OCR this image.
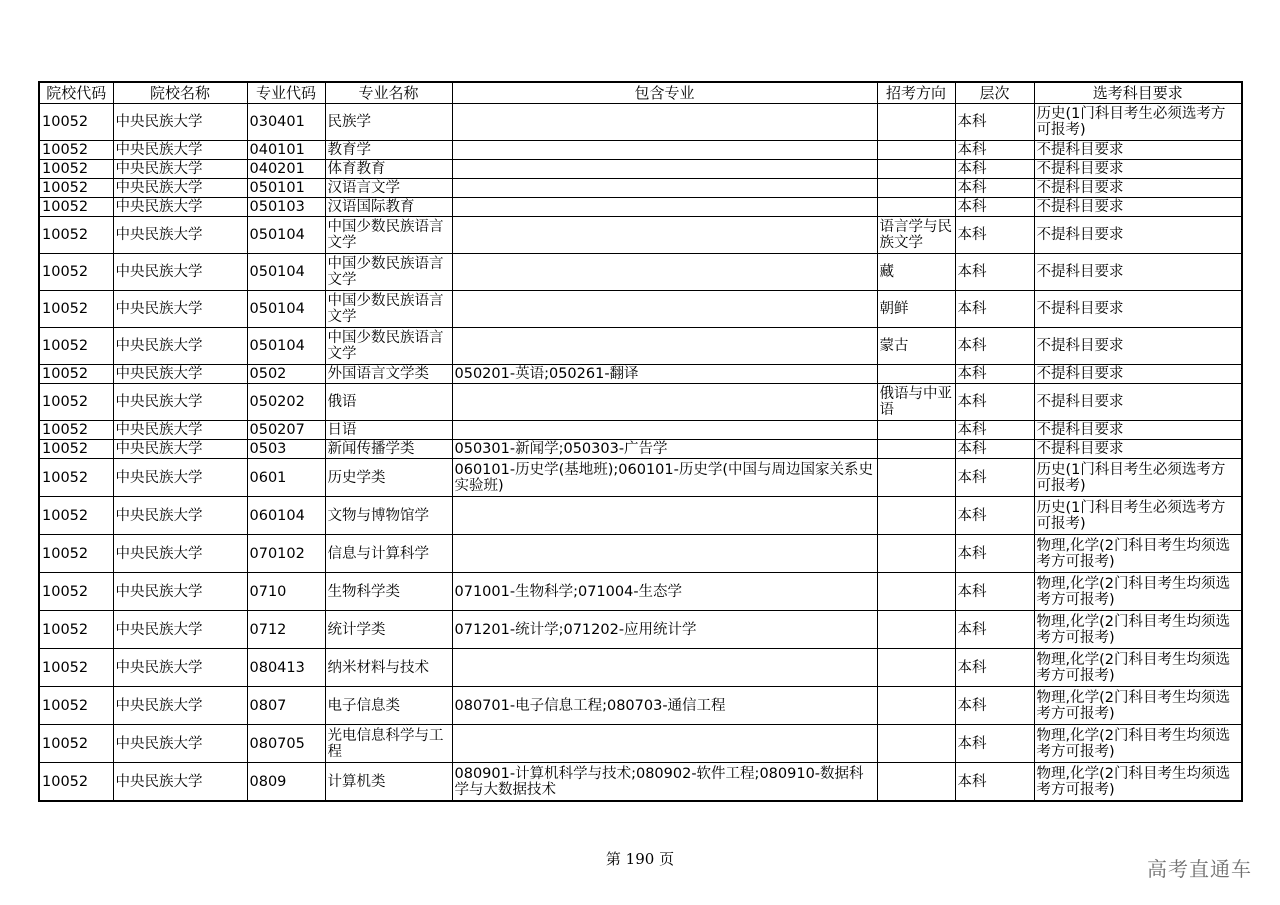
院校代码	院校名称	专业代码	专业名称	包含专业	招考方向	层次	选考科目要求
10052	中央民族大学	030401	民族学			本科	历史(1门科目考生必须选考方可报考)
10052	中央民族大学	040101	教育学			本科	不提科目要求
10052	中央民族大学	040201	体育教育			本科	不提科目要求
10052	中央民族大学	050101	汉语言文学			本科	不提科目要求
10052	中央民族大学	050103	汉语国际教育			本科	不提科目要求
10052	中央民族大学	050104	中国少数民族语言文学		语言学与民族文学	本科	不提科目要求
10052	中央民族大学	050104	中国少数民族语言文学		藏	本科	不提科目要求
10052	中央民族大学	050104	中国少数民族语言文学		朝鲜	本科	不提科目要求
10052	中央民族大学	050104	中国少数民族语言文学		蒙古	本科	不提科目要求
10052	中央民族大学	0502	外国语言文学类	050201-英语;050261-翻译		本科	不提科目要求
10052	中央民族大学	050202	俄语		俄语与中亚语	本科	不提科目要求
10052	中央民族大学	050207	日语			本科	不提科目要求
10052	中央民族大学	0503	新闻传播学类	050301-新闻学;050303-广告学		本科	不提科目要求
10052	中央民族大学	0601	历史学类	060101-历史学(基地班);060101-历史学(中国与周边国家关系史实验班)		本科	历史(1门科目考生必须选考方可报考)
10052	中央民族大学	060104	文物与博物馆学			本科	历史(1门科目考生必须选考方可报考)
10052	中央民族大学	070102	信息与计算科学			本科	物理,化学(2门科目考生均须选考方可报考)
10052	中央民族大学	0710	生物科学类	071001-生物科学;071004-生态学		本科	物理,化学(2门科目考生均须选考方可报考)
10052	中央民族大学	0712	统计学类	071201-统计学;071202-应用统计学		本科	物理,化学(2门科目考生均须选考方可报考)
10052	中央民族大学	080413	纳米材料与技术			本科	物理,化学(2门科目考生均须选考方可报考)
10052	中央民族大学	0807	电子信息类	080701-电子信息工程;080703-通信工程		本科	物理,化学(2门科目考生均须选考方可报考)
10052	中央民族大学	080705	光电信息科学与工程			本科	物理,化学(2门科目考生均须选考方可报考)
10052	中央民族大学	0809	计算机类	080901-计算机科学与技术;080902-软件工程;080910-数据科学与大数据技术		本科	物理,化学(2门科目考生均须选考方可报考)
第 190 页	高考直通车
